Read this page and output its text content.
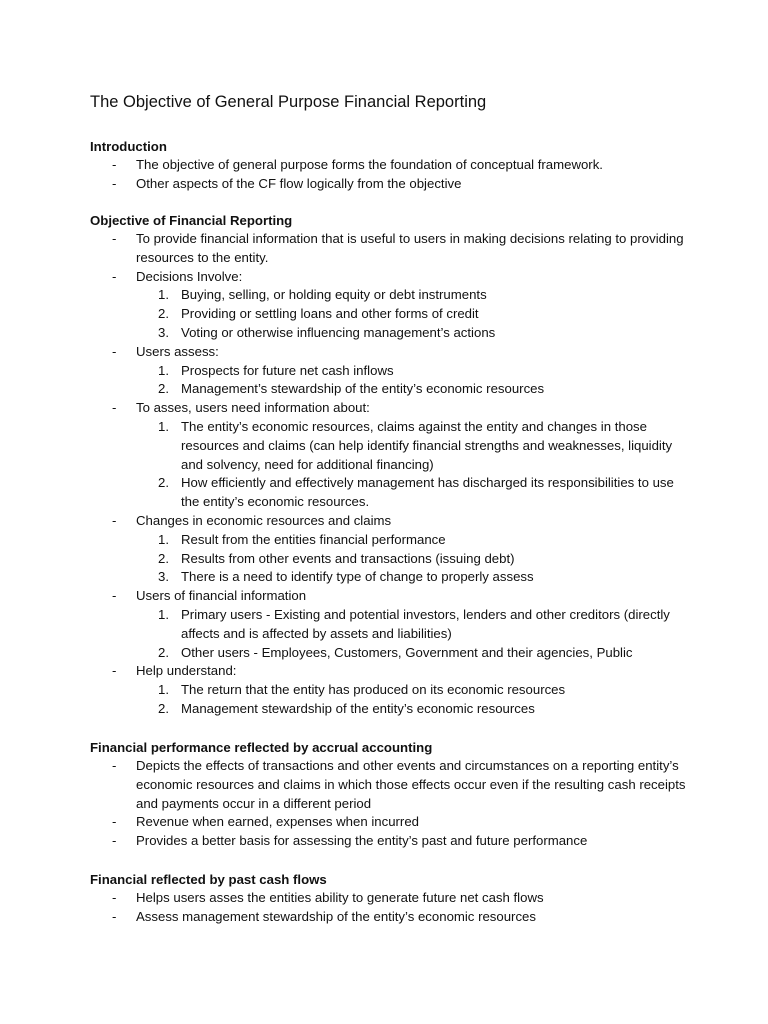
The Objective of General Purpose Financial Reporting
Introduction
- The objective of general purpose forms the foundation of conceptual framework.
- Other aspects of the CF flow logically from the objective
Objective of Financial Reporting
- To provide financial information that is useful to users in making decisions relating to providing resources to the entity.
- Decisions Involve:
1. Buying, selling, or holding equity or debt instruments
2. Providing or settling loans and other forms of credit
3. Voting or otherwise influencing management’s actions
- Users assess:
1. Prospects for future net cash inflows
2. Management’s stewardship of the entity’s economic resources
- To asses, users need information about:
1. The entity’s economic resources, claims against the entity and changes in those resources and claims (can help identify financial strengths and weaknesses, liquidity and solvency, need for additional financing)
2. How efficiently and effectively management has discharged its responsibilities to use the entity’s economic resources.
- Changes in economic resources and claims
1. Result from the entities financial performance
2. Results from other events and transactions (issuing debt)
3. There is a need to identify type of change to properly assess
- Users of financial information
1. Primary users - Existing and potential investors, lenders and other creditors (directly affects and is affected by assets and liabilities)
2. Other users - Employees, Customers, Government and their agencies, Public
- Help understand:
1. The return that the entity has produced on its economic resources
2. Management stewardship of the entity’s economic resources
Financial performance reflected by accrual accounting
- Depicts the effects of transactions and other events and circumstances on a reporting entity’s economic resources and claims in which those effects occur even if the resulting cash receipts and payments occur in a different period
- Revenue when earned, expenses when incurred
- Provides a better basis for assessing the entity’s past and future performance
Financial reflected by past cash flows
- Helps users asses the entities ability to generate future net cash flows
- Assess management stewardship of the entity’s economic resources
